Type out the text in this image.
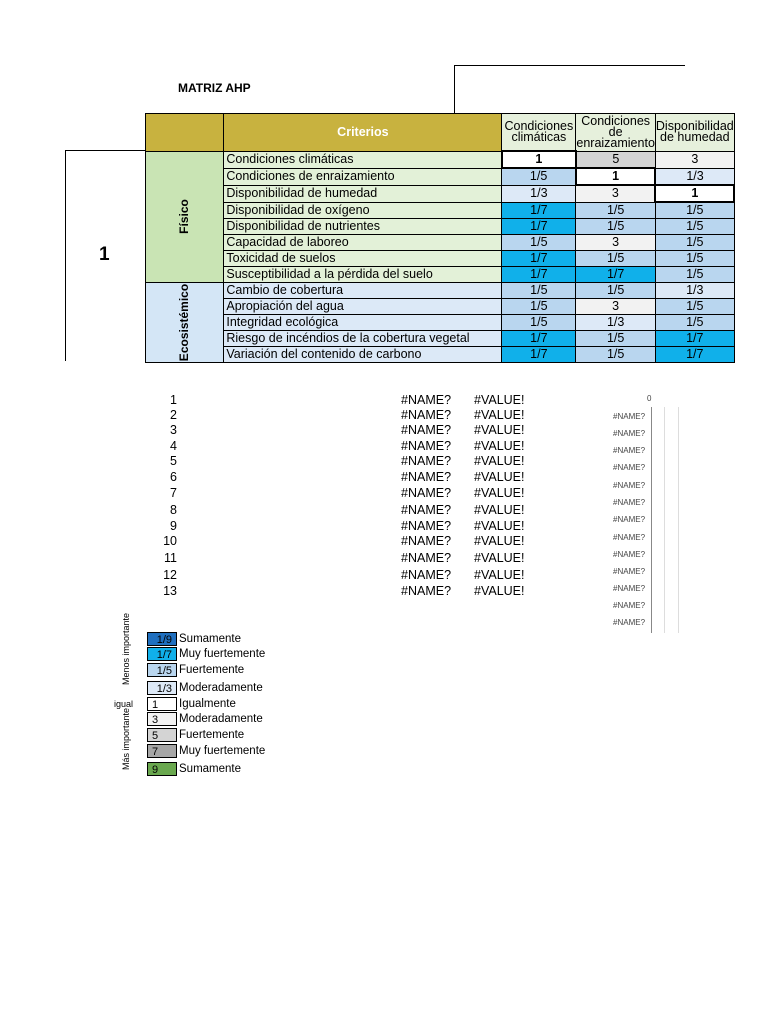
MATRIZ AHP
1
	Criterios	Condiciones climáticas	Condiciones de enraizamiento	Disponibilidad de humedad

Físico	Condiciones climáticas	1	5	3
	Condiciones de enraizamiento	1/5	1	1/3
	Disponibilidad de humedad	1/3	3	1
	Disponibilidad de oxígeno	1/7	1/5	1/5
	Disponibilidad de nutrientes	1/7	1/5	1/5
	Capacidad de laboreo	1/5	3	1/5
	Toxicidad de suelos	1/7	1/5	1/5
	Susceptibilidad a la pérdida del suelo	1/7	1/7	1/5

Ecosistémico	Cambio de cobertura	1/5	1/5	1/3
	Apropiación del agua	1/5	3	1/5
	Integridad ecológica	1/5	1/3	1/5
	Riesgo de incéndios de la cobertura vegetal	1/7	1/5	1/7
	Variación del contenido de carbono	1/7	1/5	1/7
1	#NAME? #VALUE!
2	#NAME? #VALUE!
3	#NAME? #VALUE!
4	#NAME? #VALUE!
5	#NAME? #VALUE!
6	#NAME? #VALUE!
7	#NAME? #VALUE!
8	#NAME? #VALUE!
9	#NAME? #VALUE!
10	#NAME? #VALUE!
11	#NAME? #VALUE!
12	#NAME? #VALUE!
13	#NAME? #VALUE!
#NAME?
#NAME?
#NAME?
#NAME?
#NAME?
#NAME?
#NAME?
#NAME?
#NAME?
#NAME?
#NAME?
#NAME?
#NAME?
0
Menos importante
igual
Más importante
1/9 Sumamente
1/7 Muy fuertemente
1/5 Fuertemente
1/3 Moderadamente
1	Igualmente
3	Moderadamente
5	Fuertemente
7	Muy fuertemente
9	Sumamente
